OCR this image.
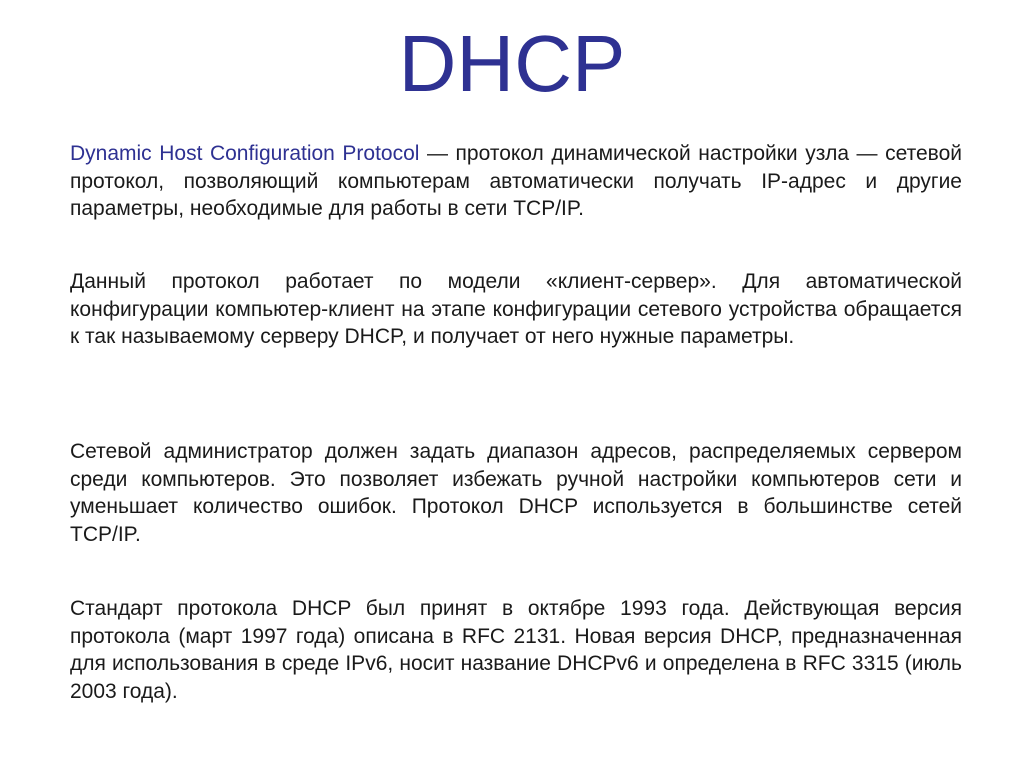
DHCP

Dynamic Host Configuration Protocol — протокол динамической настройки узла — сетевой протокол, позволяющий компьютерам автоматически получать IP-адрес и другие параметры, необходимые для работы в сети TCP/IP.

Данный протокол работает по модели «клиент-сервер». Для автоматической конфигурации компьютер-клиент на этапе конфигурации сетевого устройства обращается к так называемому серверу DHCP, и получает от него нужные параметры.

Сетевой администратор должен задать диапазон адресов, распределяемых сервером среди компьютеров. Это позволяет избежать ручной настройки компьютеров сети и уменьшает количество ошибок. Протокол DHCP используется в большинстве сетей TCP/IP.

Стандарт протокола DHCP был принят в октябре 1993 года. Действующая версия протокола (март 1997 года) описана в RFC 2131. Новая версия DHCP, предназначенная для использования в среде IPv6, носит название DHCPv6 и определена в RFC 3315 (июль 2003 года).
